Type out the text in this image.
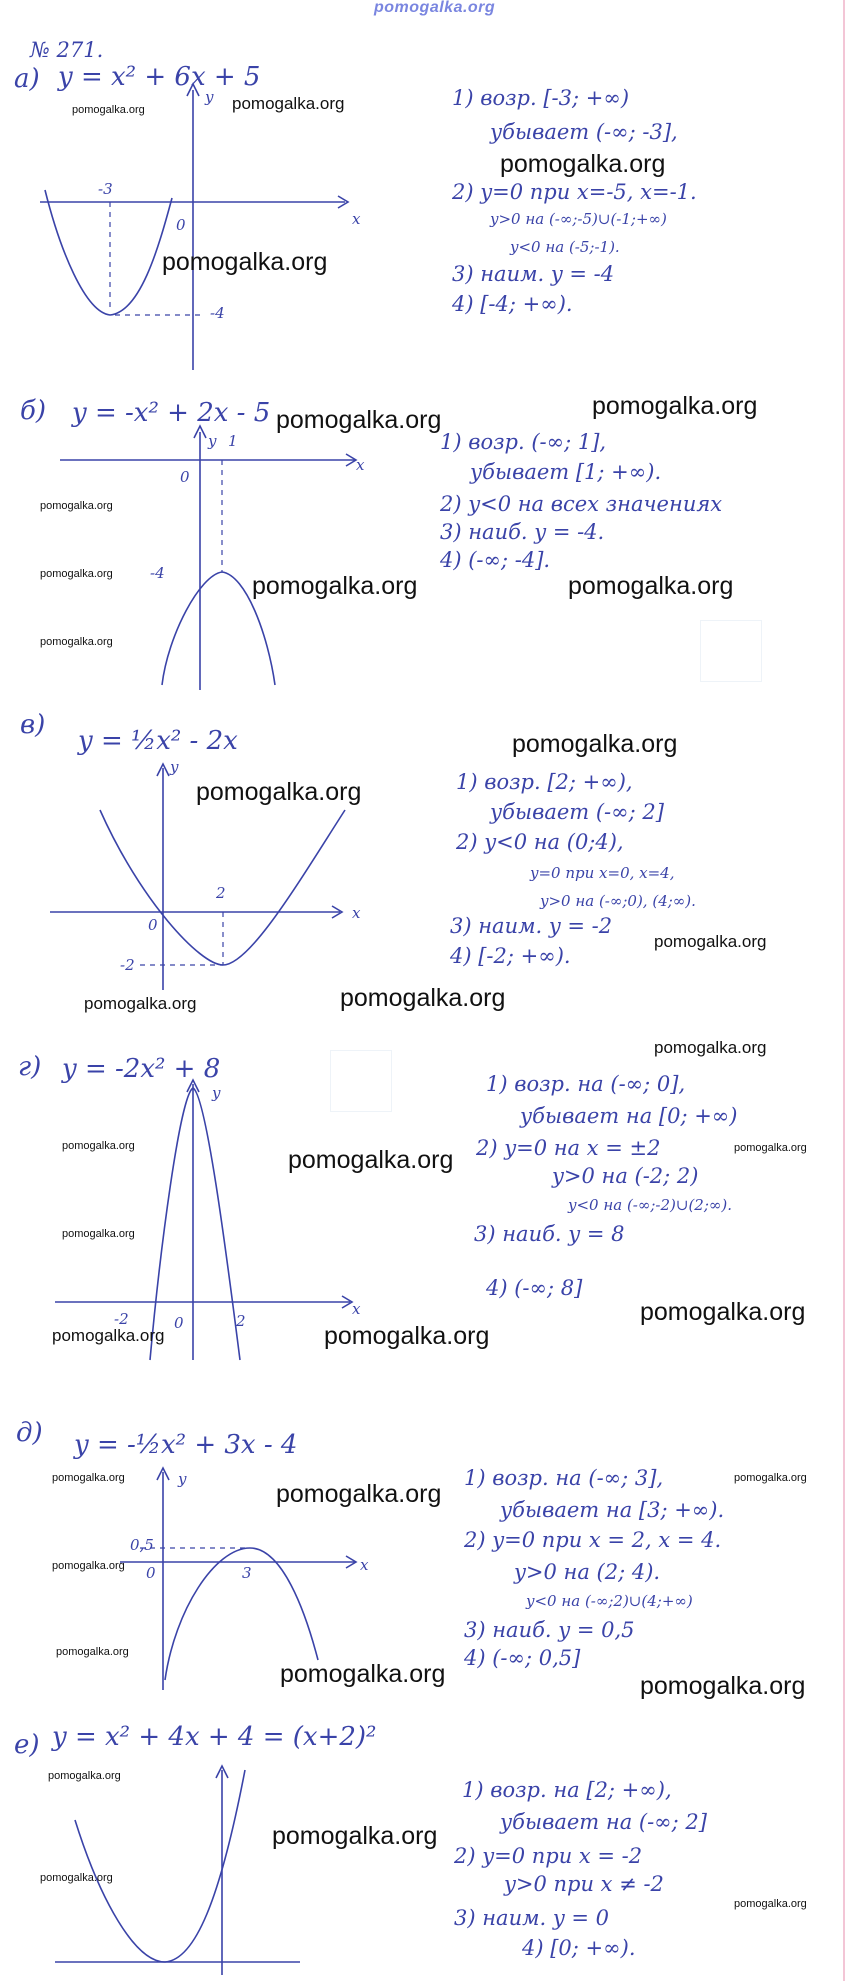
pomogalka.org
№ 271.
а) y = x² + 6x + 5
y
x
0
-3
-4
1) возр. [-3; +∞)
убывает (-∞; -3],
2) y=0 при x=-5, x=-1.
y>0 на (-∞;-5)∪(-1;+∞)
y<0 на (-5;-1).
3) наим. y = -4
4) [-4; +∞).
pomogalka.org
pomogalka.org
pomogalka.org
pomogalka.org
б) y = -x² + 2x - 5
y 1
x
0
-4
1) возр. (-∞; 1],
убывает [1; +∞).
2) y<0 на всех значениях
3) наиб. y = -4.
4) (-∞; -4].
pomogalka.org
pomogalka.org
pomogalka.org
pomogalka.org	pomogalka.org	pomogalka.org
pomogalka.org
в)
y = ½x² - 2x
y
x
0
2
-2
1) возр. [2; +∞),
убывает (-∞; 2]
2) y<0 на (0;4),
y=0 при x=0, x=4,
y>0 на (-∞;0), (4;∞).
3) наим. y = -2
4) [-2; +∞).
pomogalka.org
pomogalka.org
pomogalka.org
pomogalka.org
pomogalka.org
г) y = -2x² + 8
y
x
0
-2	2
1) возр. на (-∞; 0],
убывает на [0; +∞)
2) y=0 на x = ±2
y>0 на (-2; 2)
y<0 на (-∞;-2)∪(2;∞).
3) наиб. y = 8
4) (-∞; 8]
pomogalka.org
pomogalka.org	pomogalka.org	pomogalka.org
pomogalka.org
pomogalka.org
pomogalka.org	pomogalka.org
д) y = -½x² + 3x - 4
y
x
0	3
0,5
1) возр. на (-∞; 3],
убывает на [3; +∞).
2) y=0 при x = 2, x = 4.
y>0 на (2; 4).
y<0 на (-∞;2)∪(4;+∞)
3) наиб. y = 0,5
4) (-∞; 0,5]
pomogalka.org	pomogalka.org
pomogalka.org
pomogalka.org
pomogalka.org
pomogalka.org	pomogalka.org
е) y = x² + 4x + 4 = (x+2)²
1) возр. на [2; +∞),
убывает на (-∞; 2]
2) y=0 при x = -2
y>0 при x ≠ -2
3) наим. y = 0
4) [0; +∞).
pomogalka.org
pomogalka.org
pomogalka.org
pomogalka.org
